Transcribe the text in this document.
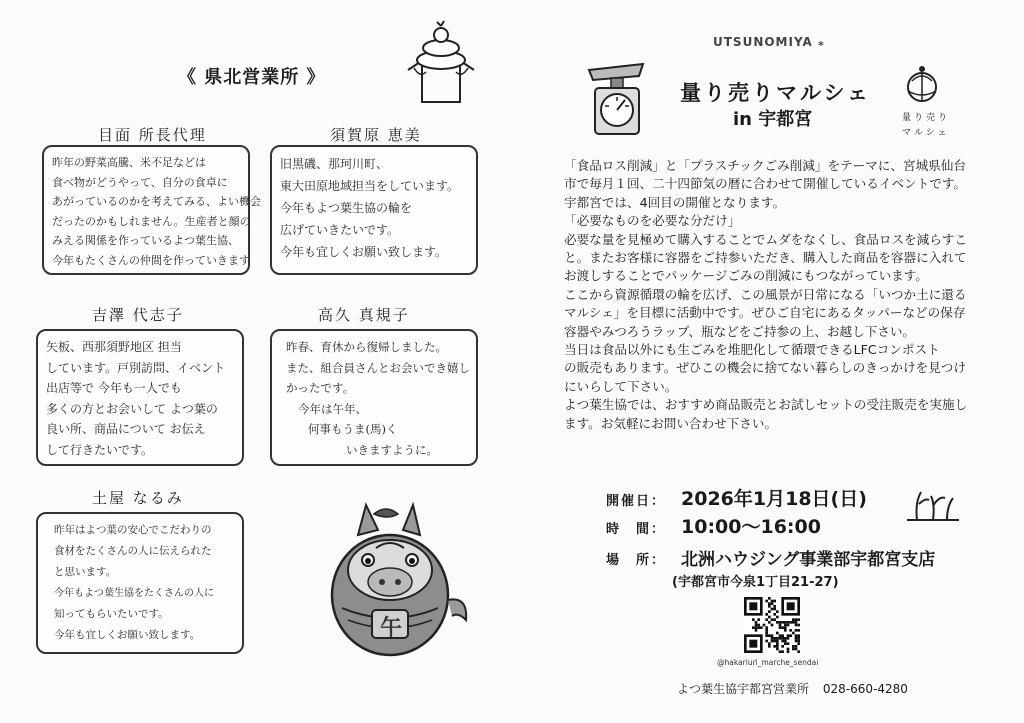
《 県北営業所 》
目面 所長代理
昨年の野菜高騰、米不足などは
食べ物がどうやって、自分の食卓に
あがっているのかを考えてみる、よい機会
だったのかもしれません。生産者と顔の
みえる関係を作っているよつ葉生協、
今年もたくさんの仲間を作っていきます
須賀原 恵美
旧黒磯、那珂川町、
東大田原地域担当をしています。
今年もよつ葉生協の輪を
広げていきたいです。
今年も宜しくお願い致します。
吉澤 代志子
矢板、西那須野地区 担当
しています。戸別訪問、イベント
出店等で 今年も一人でも
多くの方とお会いして よつ葉の
良い所、商品について お伝え
して行きたいです。
高久 真規子
昨春、育休から復帰しました。
また、組合員さんとお会いでき嬉し
かったです。
今年は午年、
何事もうま(馬)く
いきますように。
土屋 なるみ
昨年はよつ葉の安心でこだわりの
食材をたくさんの人に伝えられた
と思います。
今年もよつ葉生協をたくさんの人に
知ってもらいたいです。
今年も宜しくお願い致します。	午
UTSUNOMIYA ⁎
量り売りマルシェ
in 宇都宮	量り売り
マルシェ
「食品ロス削減」と「プラスチックごみ削減」をテーマに、宮城県仙台
市で毎月１回、二十四節気の暦に合わせて開催しているイベントです。
宇都宮では、4回目の開催となります。
「必要なものを必要な分だけ」
必要な量を見極めて購入することでムダをなくし、食品ロスを減らすこ
と。またお客様に容器をご持参いただき、購入した商品を容器に入れて
お渡しすることでパッケージごみの削減にもつながっています。
ここから資源循環の輪を広げ、この風景が日常になる「いつか土に還る
マルシェ」を目標に活動中です。ぜひご自宅にあるタッパーなどの保存
容器やみつろうラップ、瓶などをご持参の上、お越し下さい。
当日は食品以外にも生ごみを堆肥化して循環できるLFCコンポスト
の販売もあります。ぜひこの機会に捨てない暮らしのきっかけを見つけ
にいらして下さい。
よつ葉生協では、おすすめ商品販売とお試しセットの受注販売を実施し
ます。お気軽にお問い合わせ下さい。
開催日： 2026年1月18日(日)
時　間： 10:00〜16:00
場　所： 北洲ハウジング事業部宇都宮支店
(宇都宮市今泉1丁目21-27)
@hakariuri_marche_sendai
よつ葉生協宇都宮営業所 028-660-4280
